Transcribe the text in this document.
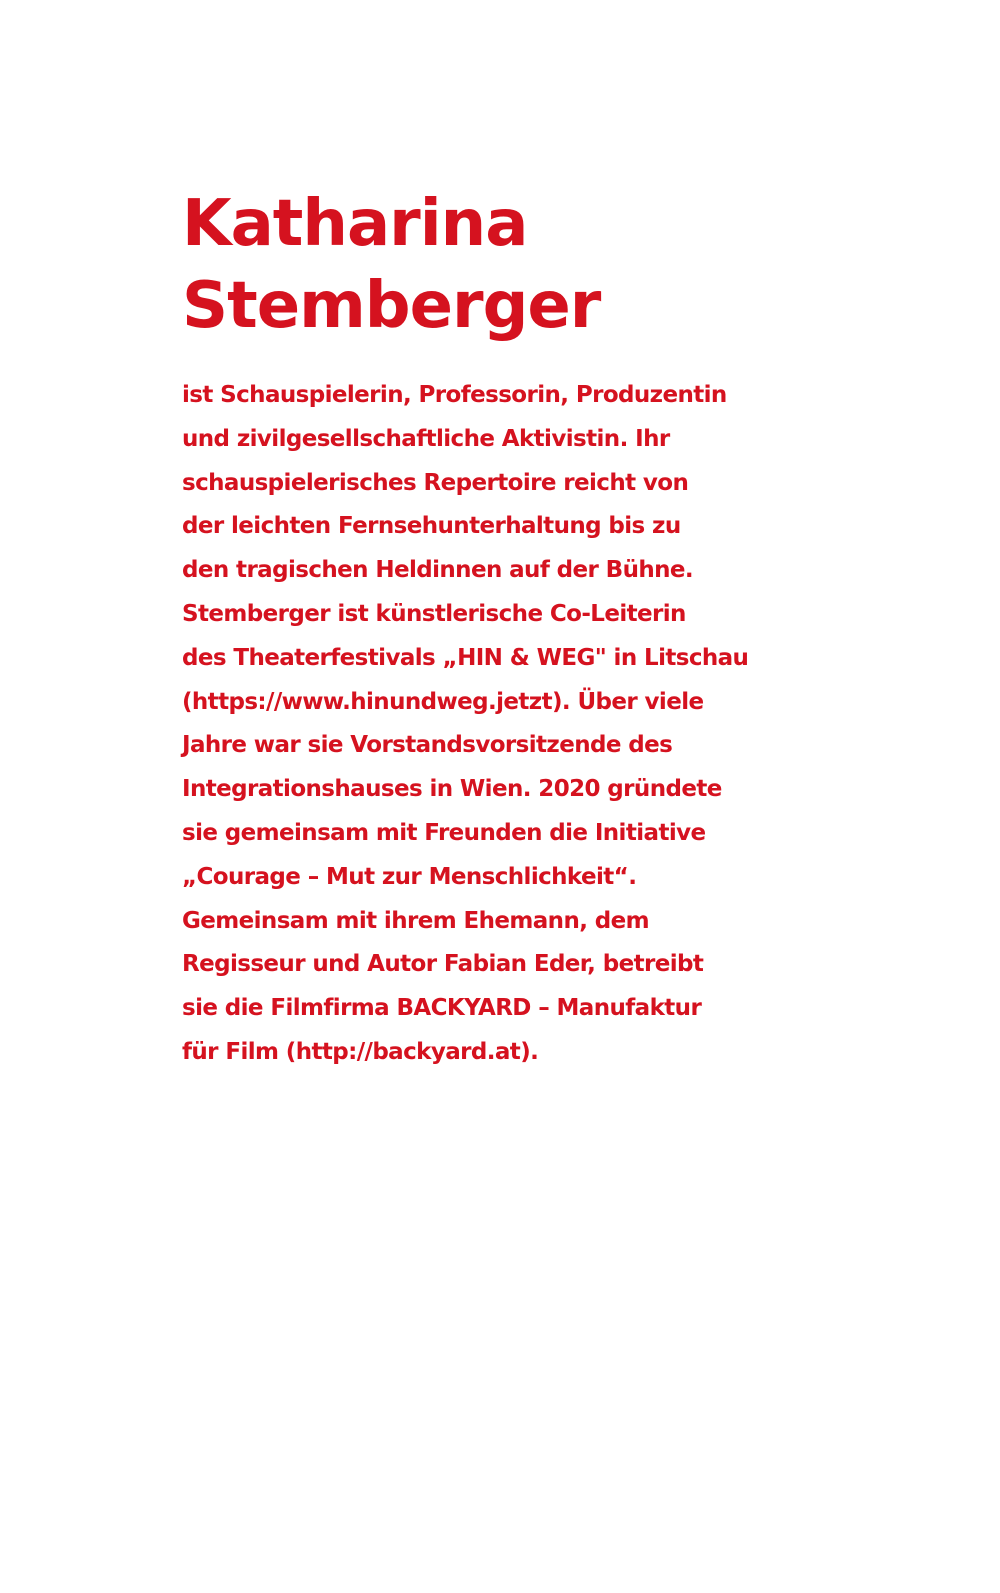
Katharina
Stemberger

ist Schauspielerin, Professorin, Produzentin
und zivilgesellschaftliche Aktivistin. Ihr
schauspielerisches Repertoire reicht von
der leichten Fernsehunterhaltung bis zu
den tragischen Heldinnen auf der Bühne.
Stemberger ist künstlerische Co-Leiterin
des Theaterfestivals „HIN & WEG" in Litschau
(https://www.hinundweg.jetzt). Über viele
Jahre war sie Vorstandsvorsitzende des
Integrationshauses in Wien. 2020 gründete
sie gemeinsam mit Freunden die Initiative
„Courage – Mut zur Menschlichkeit“.
Gemeinsam mit ihrem Ehemann, dem
Regisseur und Autor Fabian Eder, betreibt
sie die Filmfirma BACKYARD – Manufaktur
für Film (http://backyard.at).
